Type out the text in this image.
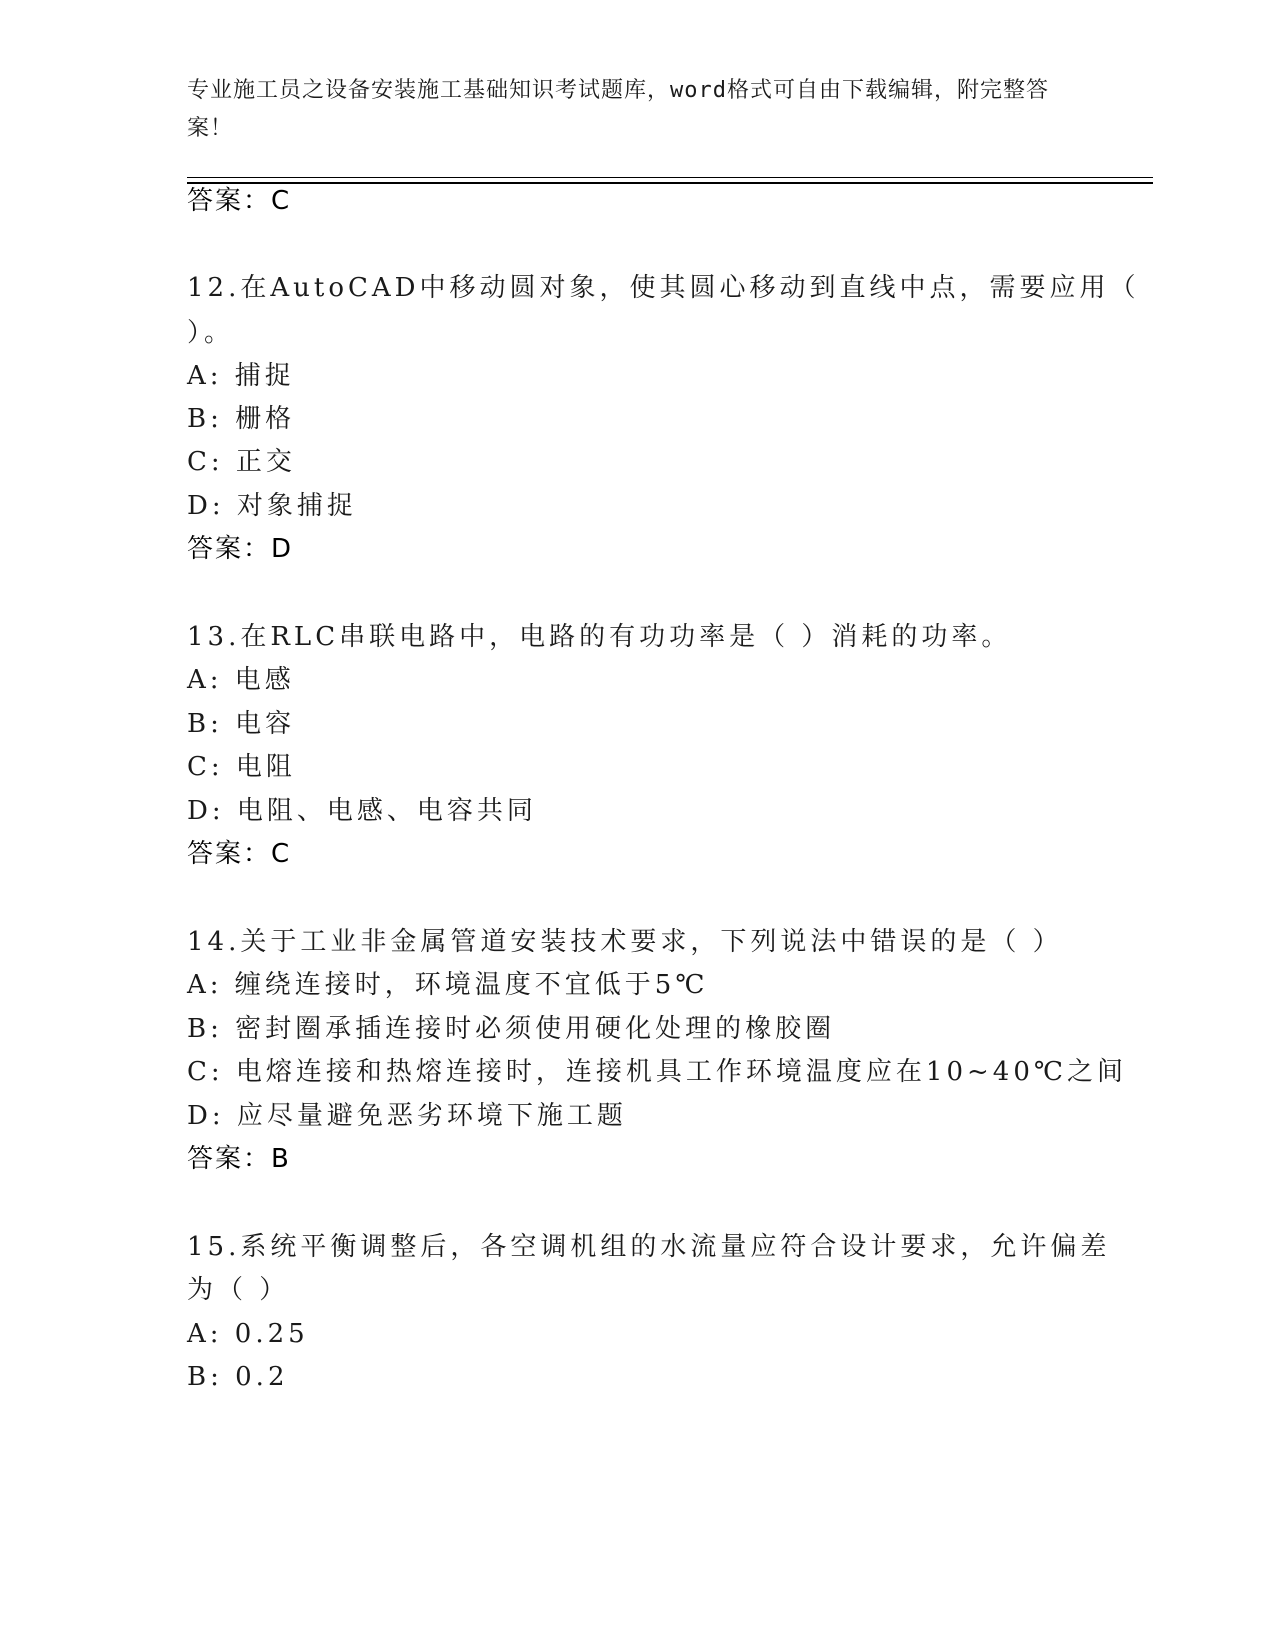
专业施工员之设备安装施工基础知识考试题库，word格式可自由下载编辑，附完整答案！
答案：C
12.在AutoCAD中移动圆对象，使其圆心移动到直线中点，需要应用（
）。
A: 捕捉
B: 栅格
C: 正交
D: 对象捕捉
答案：D
13.在RLC串联电路中，电路的有功功率是（ ）消耗的功率。
A: 电感
B: 电容
C: 电阻
D: 电阻、电感、电容共同
答案：C
14.关于工业非金属管道安装技术要求，下列说法中错误的是（ ）
A: 缠绕连接时，环境温度不宜低于5℃
B: 密封圈承插连接时必须使用硬化处理的橡胶圈
C: 电熔连接和热熔连接时，连接机具工作环境温度应在10~40℃之间
D: 应尽量避免恶劣环境下施工题
答案：B
15.系统平衡调整后，各空调机组的水流量应符合设计要求，允许偏差
为（ ）
A: 0.25
B: 0.2
